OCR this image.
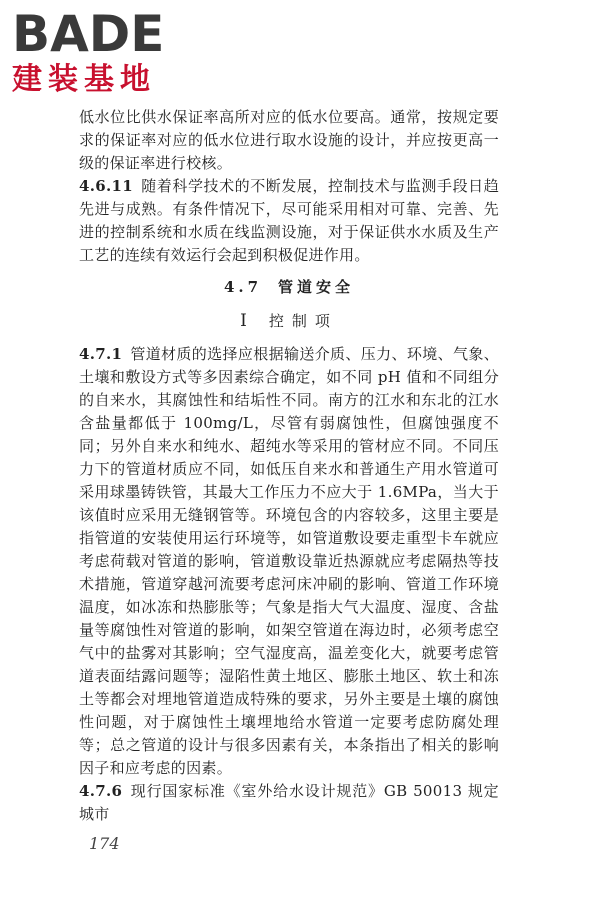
BADE
建装基地

低水位比供水保证率高所对应的低水位要高。通常，按规定要求的保证率对应的低水位进行取水设施的设计，并应按更高一级的保证率进行校核。

4.6.11 随着科学技术的不断发展，控制技术与监测手段日趋先进与成熟。有条件情况下，尽可能采用相对可靠、完善、先进的控制系统和水质在线监测设施，对于保证供水水质及生产工艺的连续有效运行会起到积极促进作用。

4.7 管道安全
Ⅰ 控制项

4.7.1 管道材质的选择应根据输送介质、压力、环境、气象、土壤和敷设方式等多因素综合确定，如不同 pH 值和不同组分的自来水，其腐蚀性和结垢性不同。南方的江水和东北的江水含盐量都低于 100mg/L，尽管有弱腐蚀性，但腐蚀强度不同；另外自来水和纯水、超纯水等采用的管材应不同。不同压力下的管道材质应不同，如低压自来水和普通生产用水管道可采用球墨铸铁管，其最大工作压力不应大于 1.6MPa，当大于该值时应采用无缝钢管等。环境包含的内容较多，这里主要是指管道的安装使用运行环境等，如管道敷设要走重型卡车就应考虑荷载对管道的影响，管道敷设靠近热源就应考虑隔热等技术措施，管道穿越河流要考虑河床冲刷的影响、管道工作环境温度，如冰冻和热膨胀等；气象是指大气大温度、湿度、含盐量等腐蚀性对管道的影响，如架空管道在海边时，必须考虑空气中的盐雾对其影响；空气湿度高，温差变化大，就要考虑管道表面结露问题等；湿陷性黄土地区、膨胀土地区、软土和冻土等都会对埋地管道造成特殊的要求，另外主要是土壤的腐蚀性问题，对于腐蚀性土壤埋地给水管道一定要考虑防腐处理等；总之管道的设计与很多因素有关，本条指出了相关的影响因子和应考虑的因素。

4.7.6 现行国家标准《室外给水设计规范》GB 50013 规定城市

174
